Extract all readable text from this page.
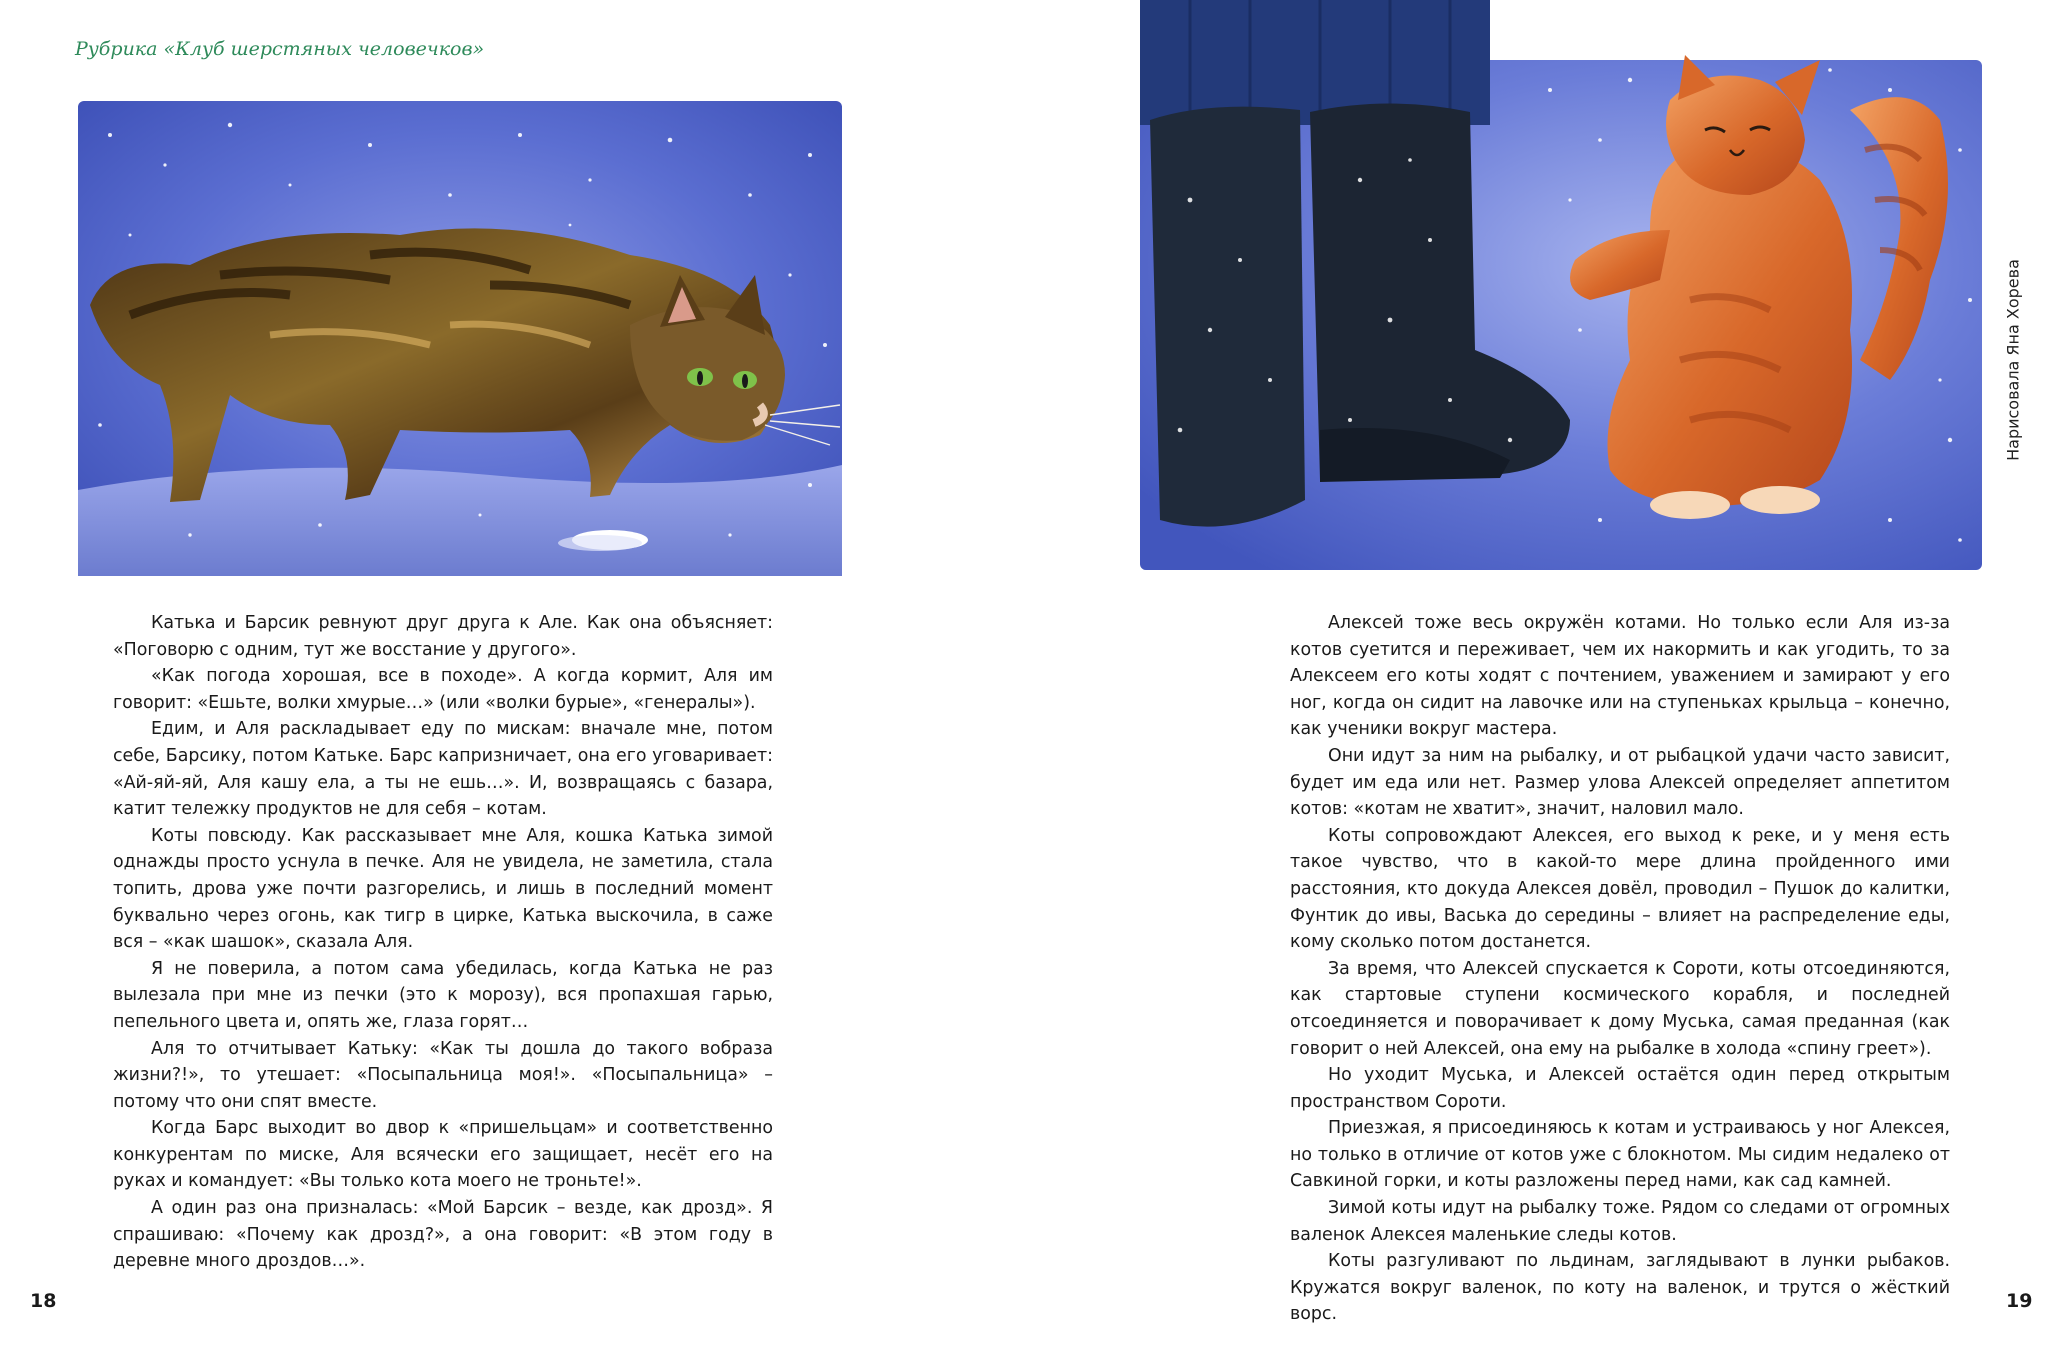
Рубрика «Клуб шерстяных человечков»
Нарисовала Яна Хорева

Катька и Барсик ревнуют друг друга к Але. Как она объясняет: «Поговорю с одним, тут же восстание у другого».

«Как погода хорошая, все в походе». А когда кормит, Аля им говорит: «Ешьте, волки хмурые…» (или «волки бурые», «генералы»).

Едим, и Аля раскладывает еду по мискам: вначале мне, потом себе, Барсику, потом Катьке. Барс капризничает, она его уговаривает: «Ай-яй-яй, Аля кашу ела, а ты не ешь…». И, возвращаясь с базара, катит тележку продуктов не для себя – котам.

Коты повсюду. Как рассказывает мне Аля, кошка Катька зимой однажды просто уснула в печке. Аля не увидела, не заметила, стала топить, дрова уже почти разгорелись, и лишь в последний момент буквально через огонь, как тигр в цирке, Катька выскочила, в саже вся – «как шашок», сказала Аля.

Я не поверила, а потом сама убедилась, когда Катька не раз вылезала при мне из печки (это к морозу), вся пропахшая гарью, пепельного цвета и, опять же, глаза горят…

Аля то отчитывает Катьку: «Как ты дошла до такого вобраза жизни?!», то утешает: «Посыпальница моя!». «Посыпальница» – потому что они спят вместе.

Когда Барс выходит во двор к «пришельцам» и соответственно конкурентам по миске, Аля всячески его защищает, несёт его на руках и командует: «Вы только кота моего не троньте!».

А один раз она призналась: «Мой Барсик – везде, как дрозд». Я спрашиваю: «Почему как дрозд?», а она говорит: «В этом году в деревне много дроздов…».

Алексей тоже весь окружён котами. Но только если Аля из-за котов суетится и переживает, чем их накормить и как угодить, то за Алексеем его коты ходят с почтением, уважением и замирают у его ног, когда он сидит на лавочке или на ступеньках крыльца – конечно, как ученики вокруг мастера.

Они идут за ним на рыбалку, и от рыбацкой удачи часто зависит, будет им еда или нет. Размер улова Алексей определяет аппетитом котов: «котам не хватит», значит, наловил мало.

Коты сопровождают Алексея, его выход к реке, и у меня есть такое чувство, что в какой-то мере длина пройденного ими расстояния, кто докуда Алексея довёл, проводил – Пушок до калитки, Фунтик до ивы, Васька до середины – влияет на распределение еды, кому сколько потом достанется.

За время, что Алексей спускается к Сороти, коты отсоединяются, как стартовые ступени космического корабля, и последней отсоединяется и поворачивает к дому Муська, самая преданная (как говорит о ней Алексей, она ему на рыбалке в холода «спину греет»).

Но уходит Муська, и Алексей остаётся один перед открытым пространством Сороти.

Приезжая, я присоединяюсь к котам и устраиваюсь у ног Алексея, но только в отличие от котов уже с блокнотом. Мы сидим недалеко от Савкиной горки, и коты разложены перед нами, как сад камней.

Зимой коты идут на рыбалку тоже. Рядом со следами от огромных валенок Алексея маленькие следы котов.

Коты разгуливают по льдинам, заглядывают в лунки рыбаков. Кружатся вокруг валенок, по коту на валенок, и трутся о жёсткий ворс.

18	19
